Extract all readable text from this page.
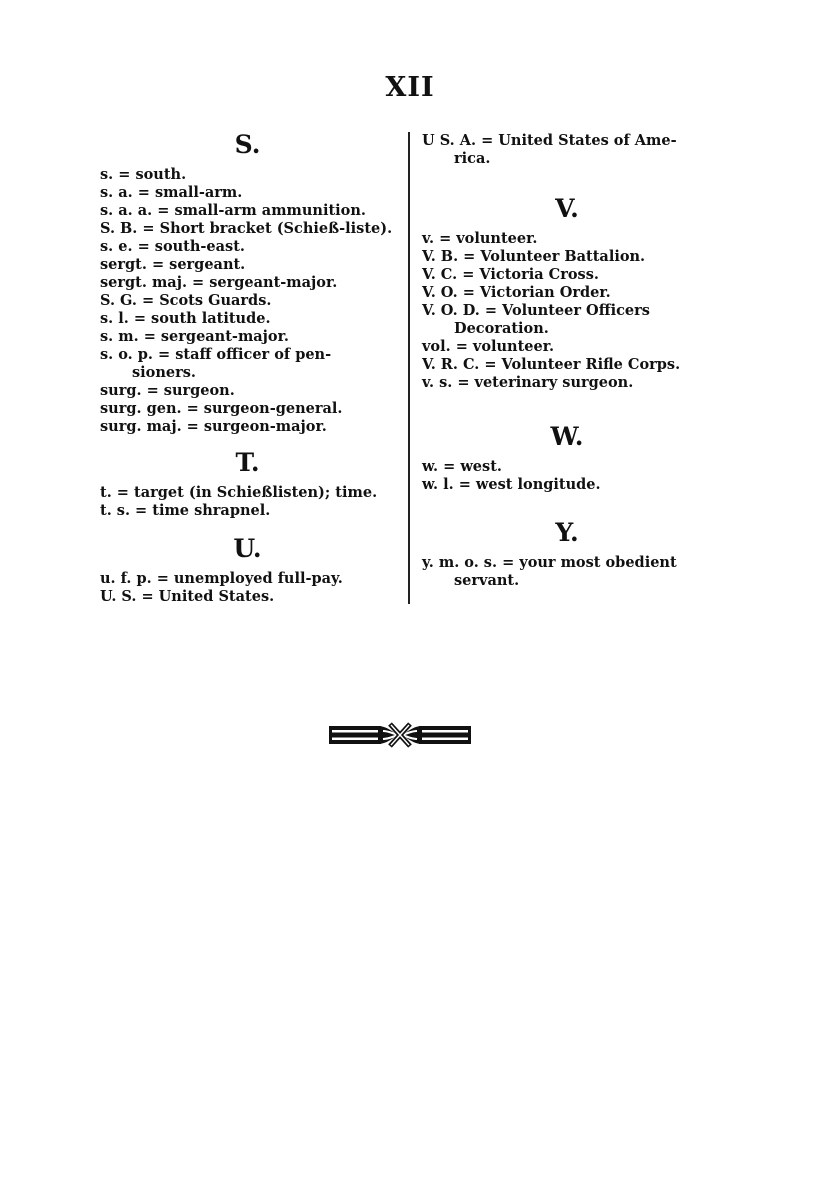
XII
S.
s. = south.
s. a. = small-arm.
s. a. a. = small-arm ammunition.
S. B. = Short bracket (Schieß-liste).
s. e. = south-east.
sergt. = sergeant.
sergt. maj. = sergeant-major.
S. G. = Scots Guards.
s. l. = south latitude.
s. m. = sergeant-major.
s. o. p. = staff officer of pen-sioners.
surg. = surgeon.
surg. gen. = surgeon-general.
surg. maj. = surgeon-major.
T.
t. = target (in Schießlisten); time.
t. s. = time shrapnel.
U.
u. f. p. = unemployed full-pay.
U. S. = United States.
U S. A. = United States of Ame-rica.
V.
v. = volunteer.
V. B. = Volunteer Battalion.
V. C. = Victoria Cross.
V. O. = Victorian Order.
V. O. D. = Volunteer Officers Decoration.
vol. = volunteer.
V. R. C. = Volunteer Rifle Corps.
v. s. = veterinary surgeon.
W.
w. = west.
w. l. = west longitude.
Y.
y. m. o. s. = your most obedient servant.
